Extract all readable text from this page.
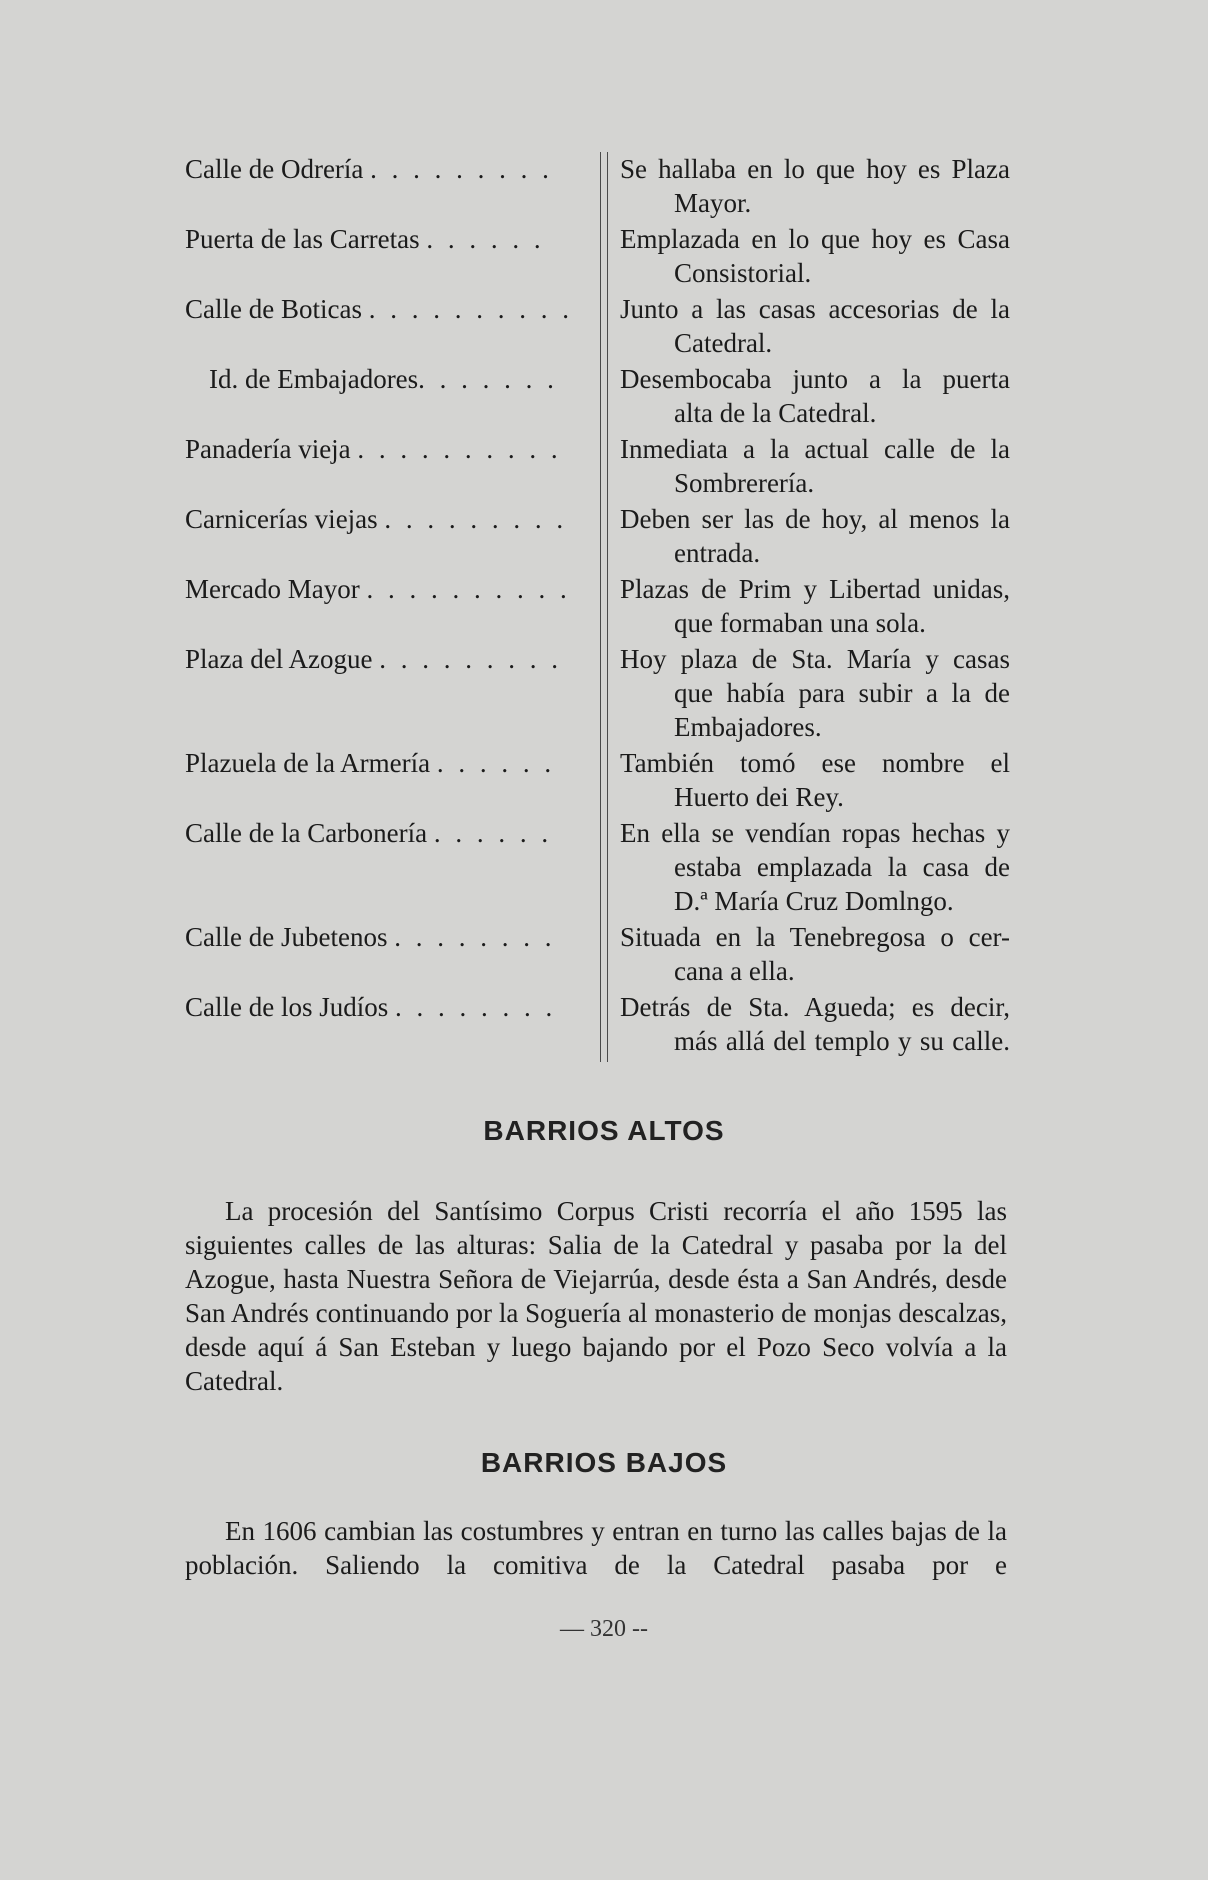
Calle de Odrería . . . . . . . . .	Se hallaba en lo que hoy es Plaza
Mayor.
Puerta de las Carretas . . . . . .	Emplazada en lo que hoy es Casa
Consistorial.
Calle de Boticas . . . . . . . . . .	Junto a las casas accesorias de la
Catedral.
Id. de Embajadores. . . . . . .	Desembocaba junto a la puerta
alta de la Catedral.
Panadería vieja . . . . . . . . . .	Inmediata a la actual calle de la
Sombrerería.
Carnicerías viejas . . . . . . . . .	Deben ser las de hoy, al menos la
entrada.
Mercado Mayor . . . . . . . . . .	Plazas de Prim y Libertad unidas,
que formaban una sola.
Plaza del Azogue . . . . . . . . .	Hoy plaza de Sta. María y casas
que había para subir a la de
Embajadores.
Plazuela de la Armería . . . . . .	También tomó ese nombre el
Huerto dei Rey.
Calle de la Carbonería . . . . . .	En ella se vendían ropas hechas y
estaba emplazada la casa de
D.ª María Cruz Domlngo.
Calle de Jubetenos . . . . . . . .	Situada en la Tenebregosa o cer-
cana a ella.
Calle de los Judíos . . . . . . . .	Detrás de Sta. Agueda; es decir,
más allá del templo y su calle.
BARRIOS ALTOS
La procesión del Santísimo Corpus Cristi recorría el año 1595 las siguientes calles de las alturas: Salia de la Catedral y pasaba por la del Azogue, hasta Nuestra Señora de Viejarrúa, desde ésta a San Andrés, desde San Andrés continuando por la Soguería al monasterio de monjas descalzas, desde aquí á San Esteban y luego bajando por el Pozo Seco volvía a la Catedral.
BARRIOS BAJOS
En 1606 cambian las costumbres y entran en turno las calles bajas de la población. Saliendo la comitiva de la Catedral pasaba por e
— 320 --
